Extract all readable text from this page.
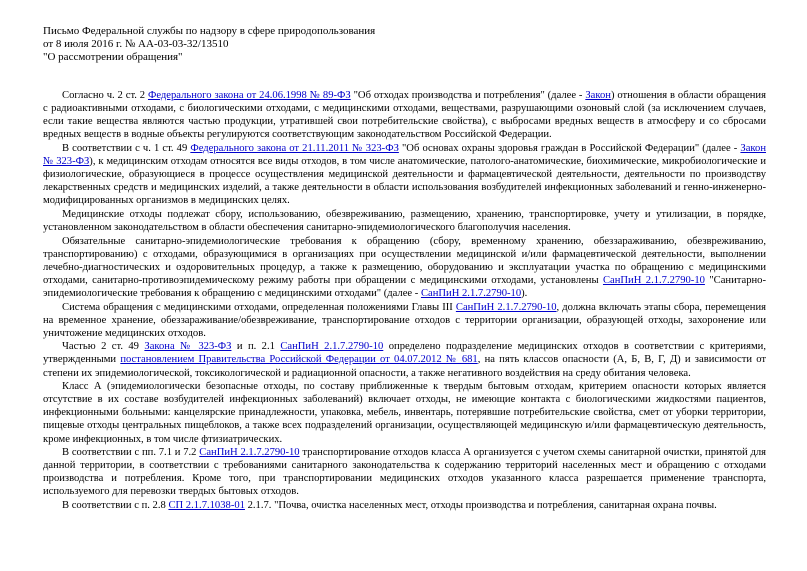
Письмо Федеральной службы по надзору в сфере природопользования
от 8 июля 2016 г. № АА-03-03-32/13510
"О рассмотрении обращения"

Согласно ч. 2 ст. 2 Федерального закона от 24.06.1998 № 89-ФЗ "Об отходах производства и потребления" (далее - Закон) отношения в области обращения с радиоактивными отходами, с биологическими отходами, с медицинскими отходами, веществами, разрушающими озоновый слой (за исключением случаев, если такие вещества являются частью продукции, утратившей свои потребительские свойства), с выбросами вредных веществ в атмосферу и со сбросами вредных веществ в водные объекты регулируются соответствующим законодательством Российской Федерации.

В соответствии с ч. 1 ст. 49 Федерального закона от 21.11.2011 № 323-ФЗ "Об основах охраны здоровья граждан в Российской Федерации" (далее - Закон № 323-ФЗ), к медицинским отходам относятся все виды отходов, в том числе анатомические, патолого-анатомические, биохимические, микробиологические и физиологические, образующиеся в процессе осуществления медицинской деятельности и фармацевтической деятельности, деятельности по производству лекарственных средств и медицинских изделий, а также деятельности в области использования возбудителей инфекционных заболеваний и генно-инженерно-модифицированных организмов в медицинских целях.

Медицинские отходы подлежат сбору, использованию, обезвреживанию, размещению, хранению, транспортировке, учету и утилизации, в порядке, установленном законодательством в области обеспечения санитарно-эпидемиологического благополучия населения.

Обязательные санитарно-эпидемиологические требования к обращению (сбору, временному хранению, обеззараживанию, обезвреживанию, транспортированию) с отходами, образующимися в организациях при осуществлении медицинской и/или фармацевтической деятельности, выполнении лечебно-диагностических и оздоровительных процедур, а также к размещению, оборудованию и эксплуатации участка по обращению с медицинскими отходами, санитарно-противоэпидемическому режиму работы при обращении с медицинскими отходами, установлены СанПиН 2.1.7.2790-10 "Санитарно-эпидемиологические требования к обращению с медицинскими отходами" (далее - СанПиН 2.1.7.2790-10).

Система обращения с медицинскими отходами, определенная положениями Главы III СанПиН 2.1.7.2790-10, должна включать этапы сбора, перемещения на временное хранение, обеззараживание/обезвреживание, транспортирование отходов с территории организации, образующей отходы, захоронение или уничтожение медицинских отходов.

Частью 2 ст. 49 Закона № 323-ФЗ и п. 2.1 СанПиН 2.1.7.2790-10 определено подразделение медицинских отходов в соответствии с критериями, утвержденными постановлением Правительства Российской Федерации от 04.07.2012 № 681, на пять классов опасности (А, Б, В, Г, Д) и зависимости от степени их эпидемиологической, токсикологической и радиационной опасности, а также негативного воздействия на среду обитания человека.

Класс А (эпидемиологически безопасные отходы, по составу приближенные к твердым бытовым отходам, критерием опасности которых является отсутствие в их составе возбудителей инфекционных заболеваний) включает отходы, не имеющие контакта с биологическими жидкостями пациентов, инфекционными больными: канцелярские принадлежности, упаковка, мебель, инвентарь, потерявшие потребительские свойства, смет от уборки территории, пищевые отходы центральных пищеблоков, а также всех подразделений организации, осуществляющей медицинскую и/или фармацевтическую деятельность, кроме инфекционных, в том числе фтизиатрических.

В соответствии с пп. 7.1 и 7.2 СанПиН 2.1.7.2790-10 транспортирование отходов класса А организуется с учетом схемы санитарной очистки, принятой для данной территории, в соответствии с требованиями санитарного законодательства к содержанию территорий населенных мест и обращению с отходами производства и потребления. Кроме того, при транспортировании медицинских отходов указанного класса разрешается применение транспорта, используемого для перевозки твердых бытовых отходов.

В соответствии с п. 2.8 СП 2.1.7.1038-01 2.1.7. "Почва, очистка населенных мест, отходы производства и потребления, санитарная охрана почвы.
